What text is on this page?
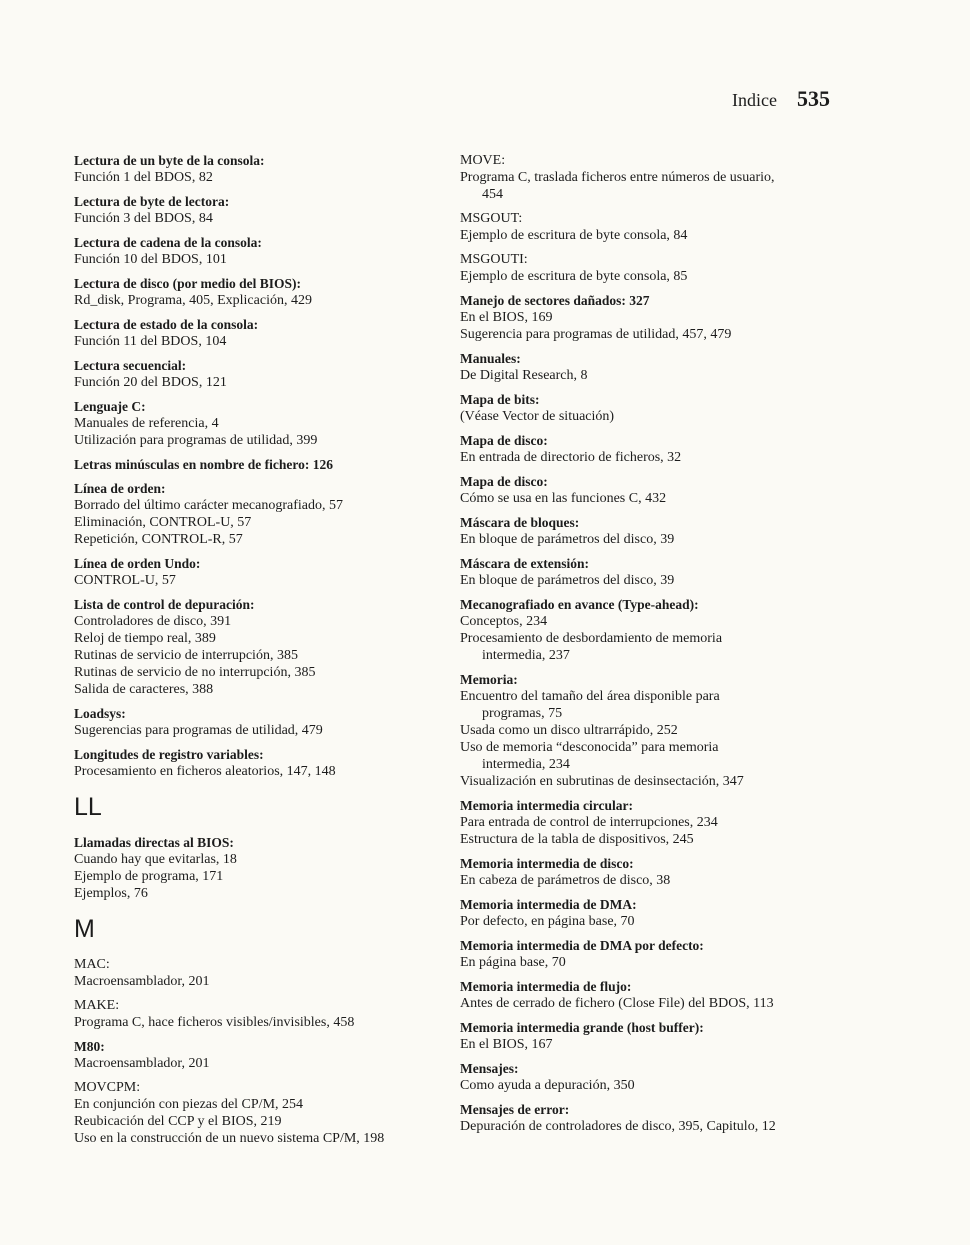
Indice 535
Lectura de un byte de la consola:
Función 1 del BDOS, 82
Lectura de byte de lectora:
Función 3 del BDOS, 84
Lectura de cadena de la consola:
Función 10 del BDOS, 101
Lectura de disco (por medio del BIOS):
Rd_disk, Programa, 405, Explicación, 429
Lectura de estado de la consola:
Función 11 del BDOS, 104
Lectura secuencial:
Función 20 del BDOS, 121
Lenguaje C:
Manuales de referencia, 4
Utilización para programas de utilidad, 399
Letras minúsculas en nombre de fichero: 126
Línea de orden:
Borrado del último carácter mecanografiado, 57
Eliminación, CONTROL-U, 57
Repetición, CONTROL-R, 57
Línea de orden Undo:
CONTROL-U, 57
Lista de control de depuración:
Controladores de disco, 391
Reloj de tiempo real, 389
Rutinas de servicio de interrupción, 385
Rutinas de servicio de no interrupción, 385
Salida de caracteres, 388
Loadsys:
Sugerencias para programas de utilidad, 479
Longitudes de registro variables:
Procesamiento en ficheros aleatorios, 147, 148
LL
Llamadas directas al BIOS:
Cuando hay que evitarlas, 18
Ejemplo de programa, 171
Ejemplos, 76
M
MAC:
Macroensamblador, 201
MAKE:
Programa C, hace ficheros visibles/invisibles, 458
M80:
Macroensamblador, 201
MOVCPM:
En conjunción con piezas del CP/M, 254
Reubicación del CCP y el BIOS, 219
Uso en la construcción de un nuevo sistema CP/M, 198
MOVE:
Programa C, traslada ficheros entre números de usuario,
454
MSGOUT:
Ejemplo de escritura de byte consola, 84
MSGOUTI:
Ejemplo de escritura de byte consola, 85
Manejo de sectores dañados: 327
En el BIOS, 169
Sugerencia para programas de utilidad, 457, 479
Manuales:
De Digital Research, 8
Mapa de bits:
(Véase Vector de situación)
Mapa de disco:
En entrada de directorio de ficheros, 32
Mapa de disco:
Cómo se usa en las funciones C, 432
Máscara de bloques:
En bloque de parámetros del disco, 39
Máscara de extensión:
En bloque de parámetros del disco, 39
Mecanografiado en avance (Type-ahead):
Conceptos, 234
Procesamiento de desbordamiento de memoria
intermedia, 237
Memoria:
Encuentro del tamaño del área disponible para
programas, 75
Usada como un disco ultrarrápido, 252
Uso de memoria “desconocida” para memoria
intermedia, 234
Visualización en subrutinas de desinsectación, 347
Memoria intermedia circular:
Para entrada de control de interrupciones, 234
Estructura de la tabla de dispositivos, 245
Memoria intermedia de disco:
En cabeza de parámetros de disco, 38
Memoria intermedia de DMA:
Por defecto, en página base, 70
Memoria intermedia de DMA por defecto:
En página base, 70
Memoria intermedia de flujo:
Antes de cerrado de fichero (Close File) del BDOS, 113
Memoria intermedia grande (host buffer):
En el BIOS, 167
Mensajes:
Como ayuda a depuración, 350
Mensajes de error:
Depuración de controladores de disco, 395, Capitulo, 12
